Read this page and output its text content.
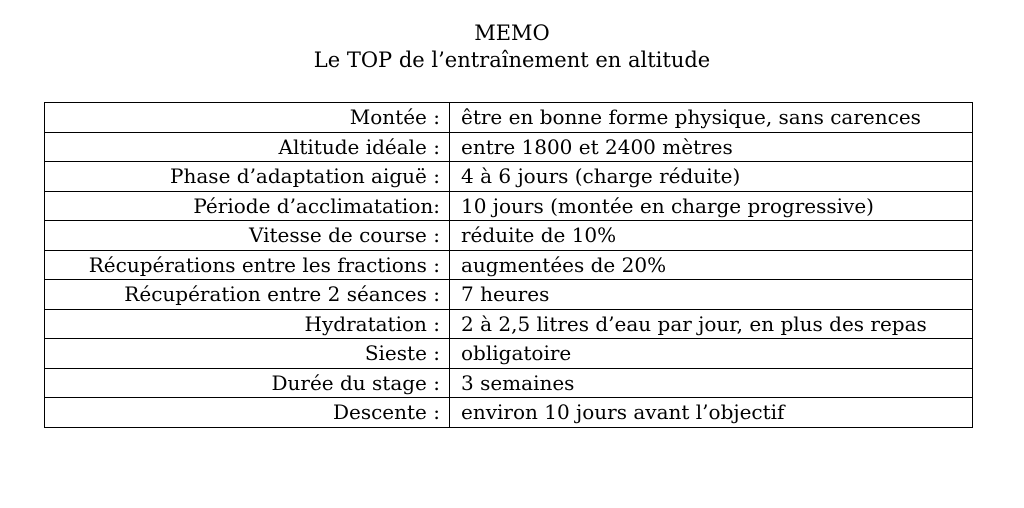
MEMO
Le TOP de l’entraînement en altitude
Montée :	être en bonne forme physique, sans carences
Altitude idéale :	entre 1800 et 2400 mètres
Phase d’adaptation aiguë :	4 à 6 jours (charge réduite)
Période d’acclimatation:	10 jours (montée en charge progressive)
Vitesse de course :	réduite de 10%
Récupérations entre les fractions :	augmentées de 20%
Récupération entre 2 séances :	7 heures
Hydratation :	2 à 2,5 litres d’eau par jour, en plus des repas
Sieste :	obligatoire
Durée du stage :	3 semaines
Descente :	environ 10 jours avant l’objectif
